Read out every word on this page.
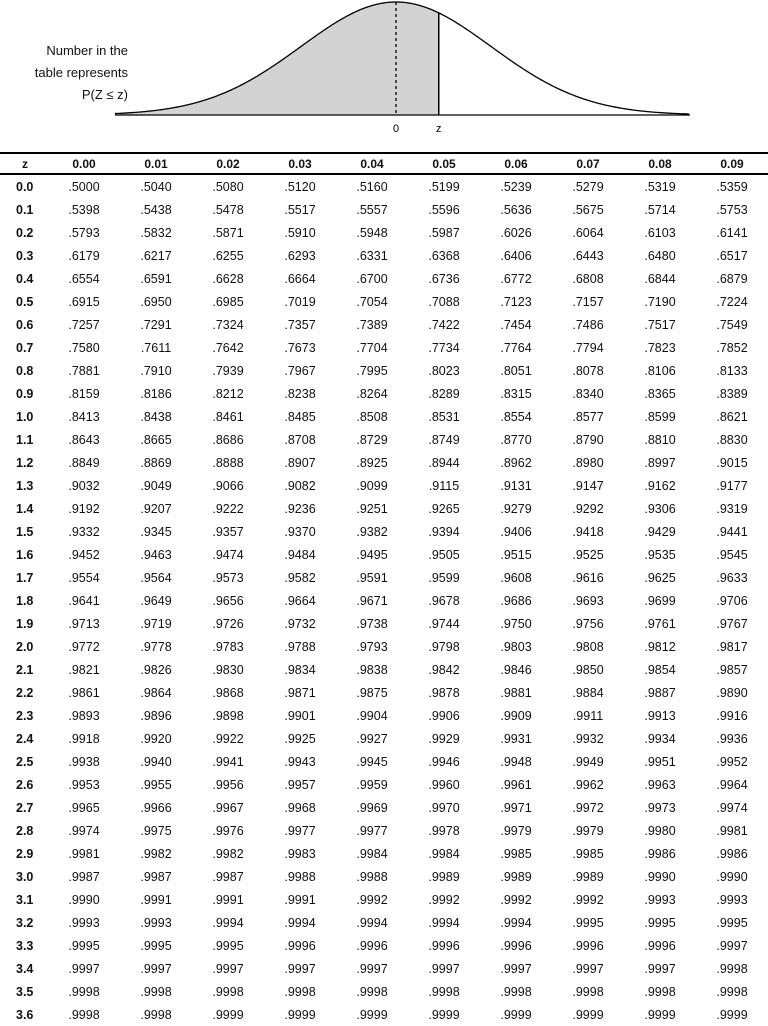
Number in the
table represents
P(Z ≤ z)
0	z
z	0.00	0.01	0.02	0.03	0.04	0.05	0.06	0.07	0.08	0.09
0.0	.5000	.5040	.5080	.5120	.5160	.5199	.5239	.5279	.5319	.5359
0.1	.5398	.5438	.5478	.5517	.5557	.5596	.5636	.5675	.5714	.5753
0.2	.5793	.5832	.5871	.5910	.5948	.5987	.6026	.6064	.6103	.6141
0.3	.6179	.6217	.6255	.6293	.6331	.6368	.6406	.6443	.6480	.6517
0.4	.6554	.6591	.6628	.6664	.6700	.6736	.6772	.6808	.6844	.6879
0.5	.6915	.6950	.6985	.7019	.7054	.7088	.7123	.7157	.7190	.7224
0.6	.7257	.7291	.7324	.7357	.7389	.7422	.7454	.7486	.7517	.7549
0.7	.7580	.7611	.7642	.7673	.7704	.7734	.7764	.7794	.7823	.7852
0.8	.7881	.7910	.7939	.7967	.7995	.8023	.8051	.8078	.8106	.8133
0.9	.8159	.8186	.8212	.8238	.8264	.8289	.8315	.8340	.8365	.8389
1.0	.8413	.8438	.8461	.8485	.8508	.8531	.8554	.8577	.8599	.8621
1.1	.8643	.8665	.8686	.8708	.8729	.8749	.8770	.8790	.8810	.8830
1.2	.8849	.8869	.8888	.8907	.8925	.8944	.8962	.8980	.8997	.9015
1.3	.9032	.9049	.9066	.9082	.9099	.9115	.9131	.9147	.9162	.9177
1.4	.9192	.9207	.9222	.9236	.9251	.9265	.9279	.9292	.9306	.9319
1.5	.9332	.9345	.9357	.9370	.9382	.9394	.9406	.9418	.9429	.9441
1.6	.9452	.9463	.9474	.9484	.9495	.9505	.9515	.9525	.9535	.9545
1.7	.9554	.9564	.9573	.9582	.9591	.9599	.9608	.9616	.9625	.9633
1.8	.9641	.9649	.9656	.9664	.9671	.9678	.9686	.9693	.9699	.9706
1.9	.9713	.9719	.9726	.9732	.9738	.9744	.9750	.9756	.9761	.9767
2.0	.9772	.9778	.9783	.9788	.9793	.9798	.9803	.9808	.9812	.9817
2.1	.9821	.9826	.9830	.9834	.9838	.9842	.9846	.9850	.9854	.9857
2.2	.9861	.9864	.9868	.9871	.9875	.9878	.9881	.9884	.9887	.9890
2.3	.9893	.9896	.9898	.9901	.9904	.9906	.9909	.9911	.9913	.9916
2.4	.9918	.9920	.9922	.9925	.9927	.9929	.9931	.9932	.9934	.9936
2.5	.9938	.9940	.9941	.9943	.9945	.9946	.9948	.9949	.9951	.9952
2.6	.9953	.9955	.9956	.9957	.9959	.9960	.9961	.9962	.9963	.9964
2.7	.9965	.9966	.9967	.9968	.9969	.9970	.9971	.9972	.9973	.9974
2.8	.9974	.9975	.9976	.9977	.9977	.9978	.9979	.9979	.9980	.9981
2.9	.9981	.9982	.9982	.9983	.9984	.9984	.9985	.9985	.9986	.9986
3.0	.9987	.9987	.9987	.9988	.9988	.9989	.9989	.9989	.9990	.9990
3.1	.9990	.9991	.9991	.9991	.9992	.9992	.9992	.9992	.9993	.9993
3.2	.9993	.9993	.9994	.9994	.9994	.9994	.9994	.9995	.9995	.9995
3.3	.9995	.9995	.9995	.9996	.9996	.9996	.9996	.9996	.9996	.9997
3.4	.9997	.9997	.9997	.9997	.9997	.9997	.9997	.9997	.9997	.9998
3.5	.9998	.9998	.9998	.9998	.9998	.9998	.9998	.9998	.9998	.9998
3.6	.9998	.9998	.9999	.9999	.9999	.9999	.9999	.9999	.9999	.9999
